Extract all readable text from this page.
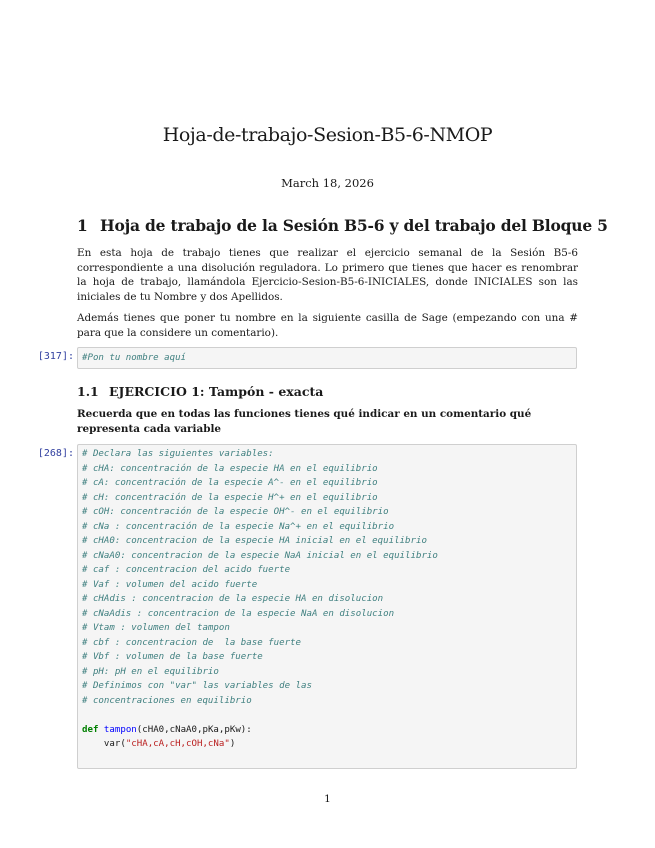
Hoja-de-trabajo-Sesion-B5-6-NMOP
March 18, 2026
1 Hoja de trabajo de la Sesión B5-6 y del trabajo del Bloque 5
En esta hoja de trabajo tienes que realizar el ejercicio semanal de la Sesión B5-6 correspondiente a una disolución reguladora. Lo primero que tienes que hacer es renombrar la hoja de trabajo, llamándola Ejercicio-Sesion-B5-6-INICIALES, donde INICIALES son las iniciales de tu Nombre y dos Apellidos.
Además tienes que poner tu nombre en la siguiente casilla de Sage (empezando con una # para que la considere un comentario).
[317]: #Pon tu nombre aquí
1.1 EJERCICIO 1: Tampón - exacta
Recuerda que en todas las funciones tienes qué indicar en un comentario qué representa cada variable
[268]: # Declara las siguientes variables:
# cHA: concentración de la especie HA en el equilibrio
# cA: concentración de la especie A^- en el equilibrio
# cH: concentración de la especie H^+ en el equilibrio
# cOH: concentración de la especie OH^- en el equilibrio
# cNa : concentración de la especie Na^+ en el equilibrio
# cHA0: concentracion de la especie HA inicial en el equilibrio
# cNaA0: concentracion de la especie NaA inicial en el equilibrio
# caf : concentracion del acido fuerte
# Vaf : volumen del acido fuerte
# cHAdis : concentracion de la especie HA en disolucion
# cNaAdis : concentracion de la especie NaA en disolucion
# Vtam : volumen del tampon
# cbf : concentracion de  la base fuerte
# Vbf : volumen de la base fuerte
# pH: pH en el equilibrio
# Definimos con "var" las variables de las
# concentraciones en equilibrio

def tampon(cHA0,cNaA0,pKa,pKw):
var("cHA,cA,cH,cOH,cNa")
1
